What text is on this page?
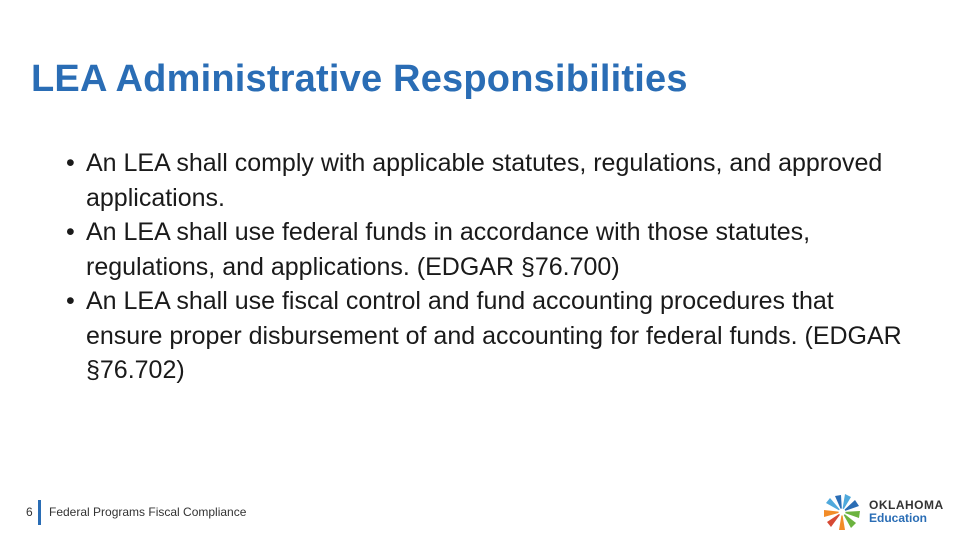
LEA Administrative Responsibilities
• An LEA shall comply with applicable statutes, regulations, and approved applications.
• An LEA shall use federal funds in accordance with those statutes, regulations, and applications. (EDGAR §76.700)
• An LEA shall use fiscal control and fund accounting procedures that ensure proper disbursement of and accounting for federal funds. (EDGAR §76.702)
6 Federal Programs Fiscal Compliance	OKLAHOMA
Education
